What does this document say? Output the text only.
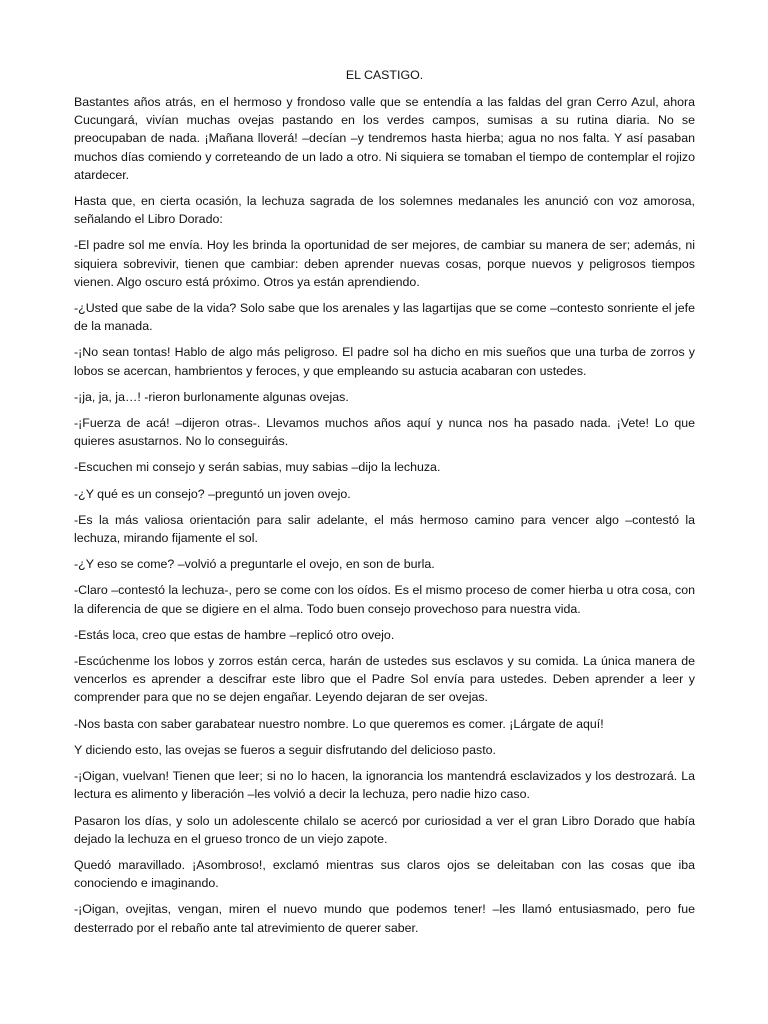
EL CASTIGO.
Bastantes años atrás, en el hermoso y frondoso valle que se entendía a las faldas del gran Cerro Azul, ahora Cucungará, vivían muchas ovejas pastando en los verdes campos, sumisas a su rutina diaria. No se preocupaban de nada. ¡Mañana lloverá! –decían –y tendremos hasta hierba; agua no nos falta. Y así pasaban muchos días comiendo y correteando de un lado a otro. Ni siquiera se tomaban el tiempo de contemplar el rojizo atardecer.
Hasta que, en cierta ocasión, la lechuza sagrada de los solemnes medanales les anunció con voz amorosa, señalando el Libro Dorado:
-El padre sol me envía. Hoy les brinda la oportunidad de ser mejores, de cambiar su manera de ser; además, ni siquiera sobrevivir, tienen que cambiar: deben aprender nuevas cosas, porque nuevos y peligrosos tiempos vienen. Algo oscuro está próximo. Otros ya están aprendiendo.
-¿Usted que sabe de la vida? Solo sabe que los arenales y las lagartijas que se come –contesto sonriente el jefe de la manada.
-¡No sean tontas! Hablo de algo más peligroso. El padre sol ha dicho en mis sueños que una turba de zorros y lobos se acercan, hambrientos y feroces, y que empleando su astucia acabaran con ustedes.
-¡ja, ja, ja…! -rieron burlonamente algunas ovejas.
-¡Fuerza de acá! –dijeron otras-. Llevamos muchos años aquí y nunca nos ha pasado nada. ¡Vete! Lo que quieres asustarnos. No lo conseguirás.
-Escuchen mi consejo y serán sabias, muy sabias –dijo la lechuza.
-¿Y qué es un consejo? –preguntó un joven ovejo.
-Es la más valiosa orientación para salir adelante, el más hermoso camino para vencer algo –contestó la lechuza, mirando fijamente el sol.
-¿Y eso se come? –volvió a preguntarle el ovejo, en son de burla.
-Claro –contestó la lechuza-, pero se come con los oídos. Es el mismo proceso de comer hierba u otra cosa, con la diferencia de que se digiere en el alma. Todo buen consejo provechoso para nuestra vida.
-Estás loca, creo que estas de hambre –replicó otro ovejo.
-Escúchenme los lobos y zorros están cerca, harán de ustedes sus esclavos y su comida. La única manera de vencerlos es aprender a descifrar este libro que el Padre Sol envía para ustedes. Deben aprender a leer y comprender para que no se dejen engañar. Leyendo dejaran de ser ovejas.
-Nos basta con saber garabatear nuestro nombre. Lo que queremos es comer. ¡Lárgate de aquí!
Y diciendo esto, las ovejas se fueros a seguir disfrutando del delicioso pasto.
-¡Oigan, vuelvan! Tienen que leer; si no lo hacen, la ignorancia los mantendrá esclavizados y los destrozará. La lectura es alimento y liberación –les volvió a decir la lechuza, pero nadie hizo caso.
Pasaron los días, y solo un adolescente chilalo se acercó por curiosidad a ver el gran Libro Dorado que había dejado la lechuza en el grueso tronco de un viejo zapote.
Quedó maravillado. ¡Asombroso!, exclamó mientras sus claros ojos se deleitaban con las cosas que iba conociendo e imaginando.
-¡Oigan, ovejitas, vengan, miren el nuevo mundo que podemos tener! –les llamó entusiasmado, pero fue desterrado por el rebaño ante tal atrevimiento de querer saber.
